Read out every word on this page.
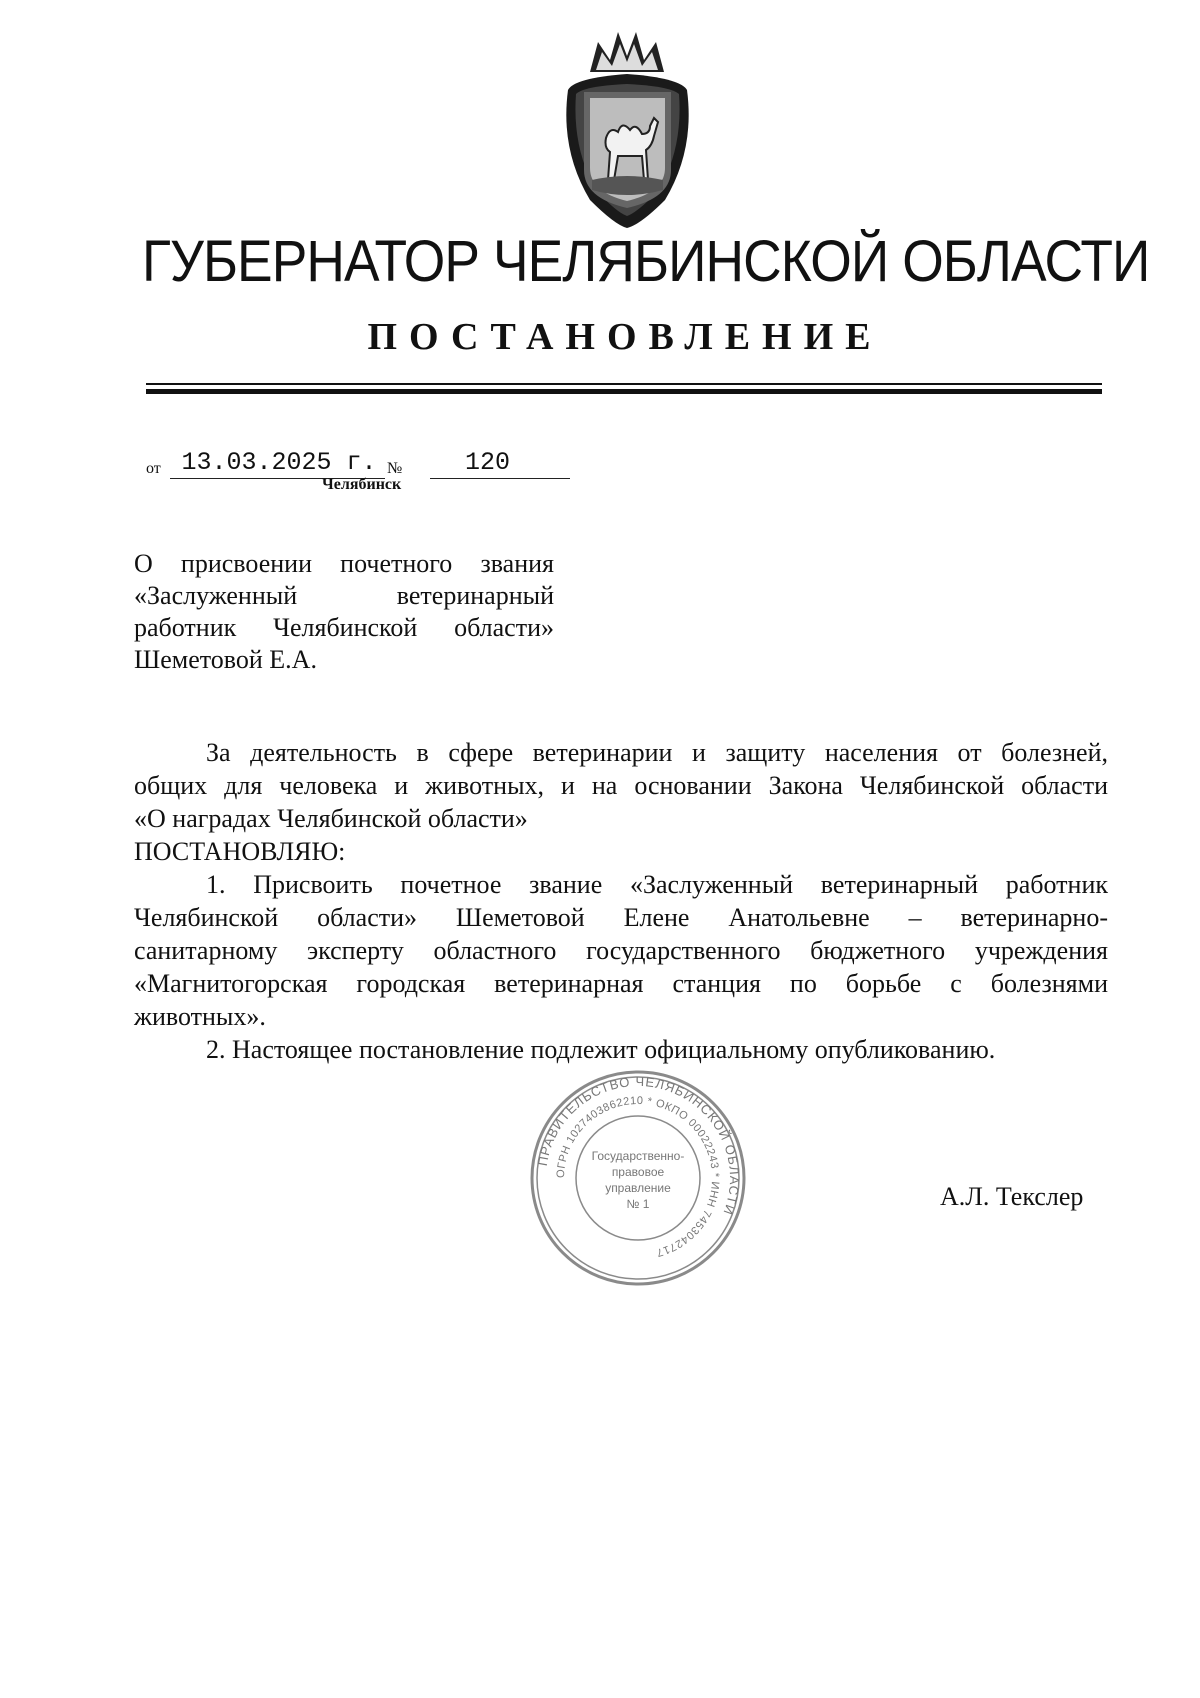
ГУБЕРНАТОР ЧЕЛЯБИНСКОЙ ОБЛАСТИ
ПОСТАНОВЛЕНИЕ
от 13.03.2025 г. №	120
Челябинск
О присвоении почетного звания
«Заслуженный ветеринарный
работник Челябинской области»
Шеметовой Е.А.
За деятельность в сфере ветеринарии и защиту населения от болезней,
общих для человека и животных, и на основании Закона Челябинской области
«О наградах Челябинской области»
ПОСТАНОВЛЯЮ:
1. Присвоить почетное звание «Заслуженный ветеринарный работник
Челябинской области» Шеметовой Елене Анатольевне – ветеринарно-
санитарному эксперту областного государственного бюджетного учреждения
«Магнитогорская городская ветеринарная станция по борьбе с болезнями
животных».
2. Настоящее постановление подлежит официальному опубликованию.
ПРАВИТЕЛЬСТВО ЧЕЛЯБИНСКОЙ ОБЛАСТИ
ОГРН 1027403862210 * ОКПО 00022243 * ИНН 7453042717
Государственно-
правовое
управление
№ 1	А.Л. Текслер
